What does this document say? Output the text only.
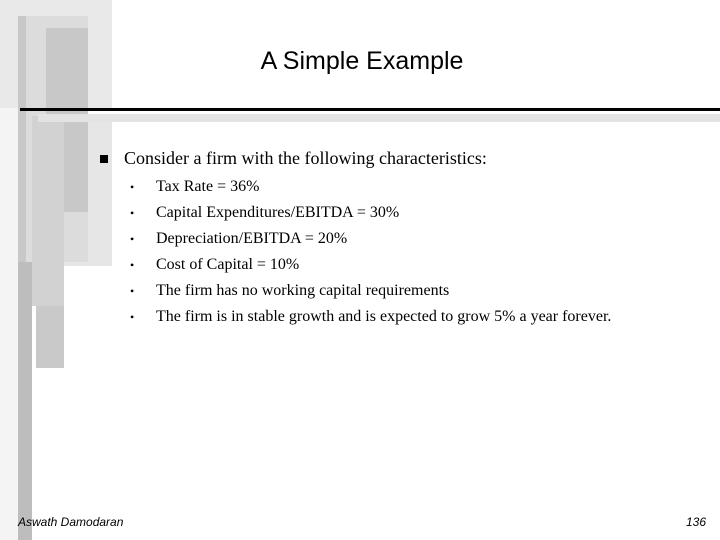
A Simple Example
Consider a firm with the following characteristics:
•	Tax Rate = 36%
•	Capital Expenditures/EBITDA = 30%
•	Depreciation/EBITDA = 20%
•	Cost of Capital = 10%
•	The firm has no working capital requirements
•	The firm is in stable growth and is expected to grow 5% a year forever.
Aswath Damodaran	136
